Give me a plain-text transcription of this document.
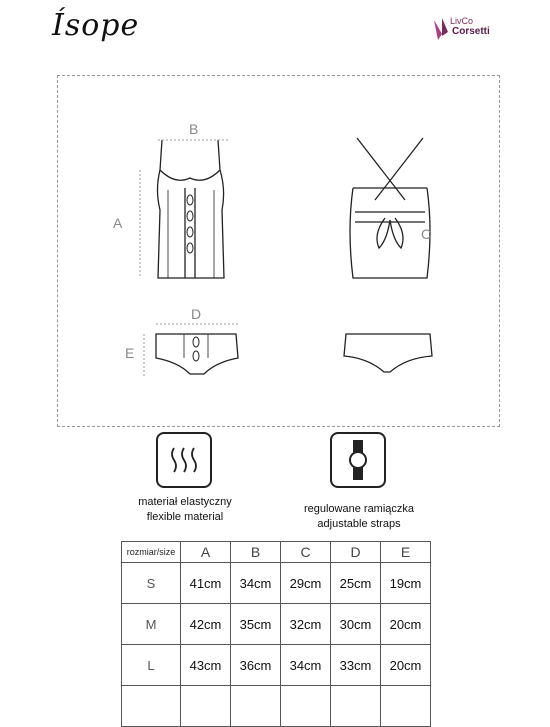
Ísope	LivCo
Corsetti
B
A
C
D
E
materiał elastyczny
flexible material
regulowane ramiączka
adjustable straps
rozmiar/size	A	B	C	D	E
S	41cm	34cm	29cm	25cm	19cm
M	42cm	35cm	32cm	30cm	20cm
L	43cm	36cm	34cm	33cm	20cm
